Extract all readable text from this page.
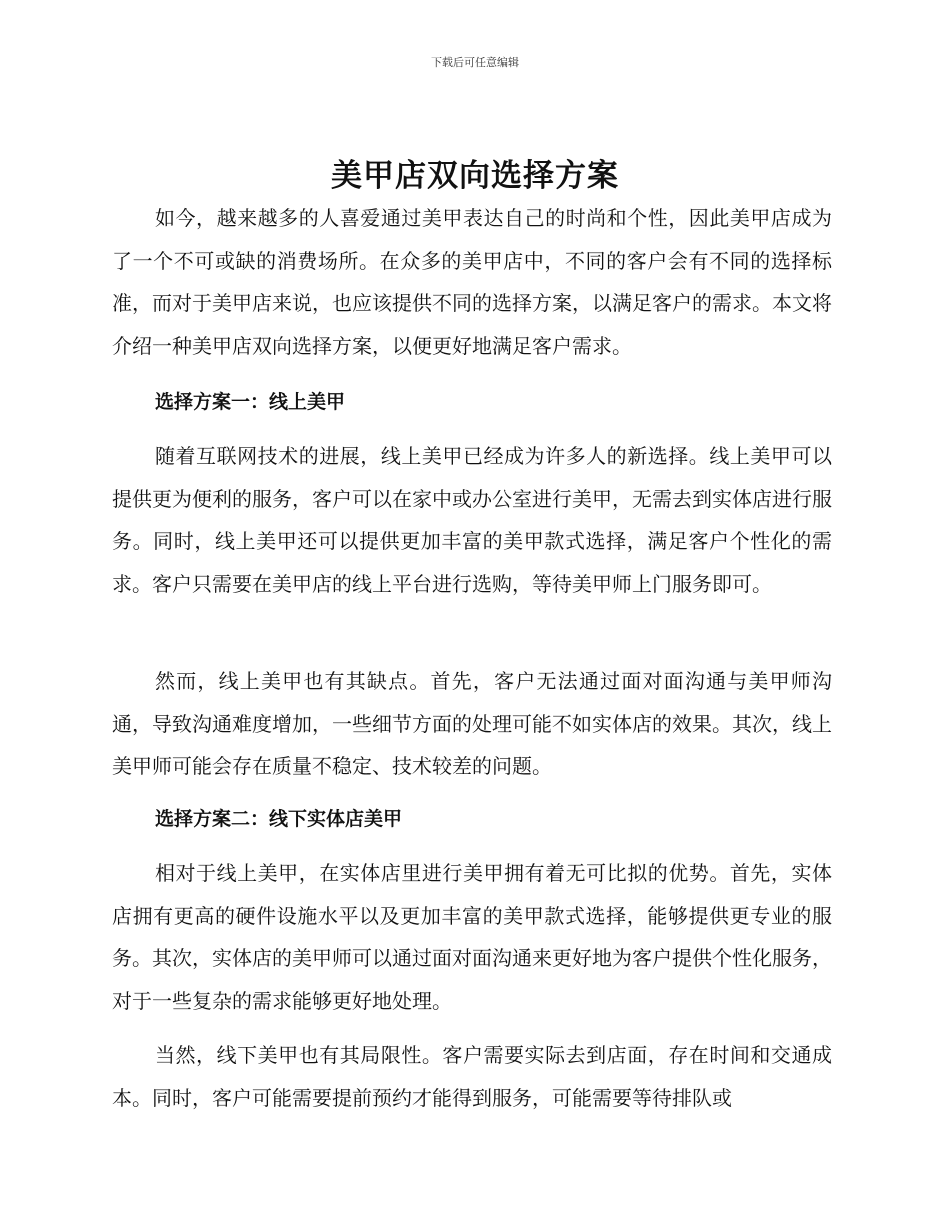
下载后可任意编辑
美甲店双向选择方案

如今，越来越多的人喜爱通过美甲表达自己的时尚和个性，因此美甲店成为了一个不可或缺的消费场所。在众多的美甲店中，不同的客户会有不同的选择标准，而对于美甲店来说，也应该提供不同的选择方案，以满足客户的需求。本文将介绍一种美甲店双向选择方案，以便更好地满足客户需求。

选择方案一：线上美甲

随着互联网技术的进展，线上美甲已经成为许多人的新选择。线上美甲可以提供更为便利的服务，客户可以在家中或办公室进行美甲，无需去到实体店进行服务。同时，线上美甲还可以提供更加丰富的美甲款式选择，满足客户个性化的需求。客户只需要在美甲店的线上平台进行选购，等待美甲师上门服务即可。

然而，线上美甲也有其缺点。首先，客户无法通过面对面沟通与美甲师沟通，导致沟通难度增加，一些细节方面的处理可能不如实体店的效果。其次，线上美甲师可能会存在质量不稳定、技术较差的问题。

选择方案二：线下实体店美甲

相对于线上美甲，在实体店里进行美甲拥有着无可比拟的优势。首先，实体店拥有更高的硬件设施水平以及更加丰富的美甲款式选择，能够提供更专业的服务。其次，实体店的美甲师可以通过面对面沟通来更好地为客户提供个性化服务，对于一些复杂的需求能够更好地处理。

当然，线下美甲也有其局限性。客户需要实际去到店面，存在时间和交通成本。同时，客户可能需要提前预约才能得到服务，可能需要等待排队或
